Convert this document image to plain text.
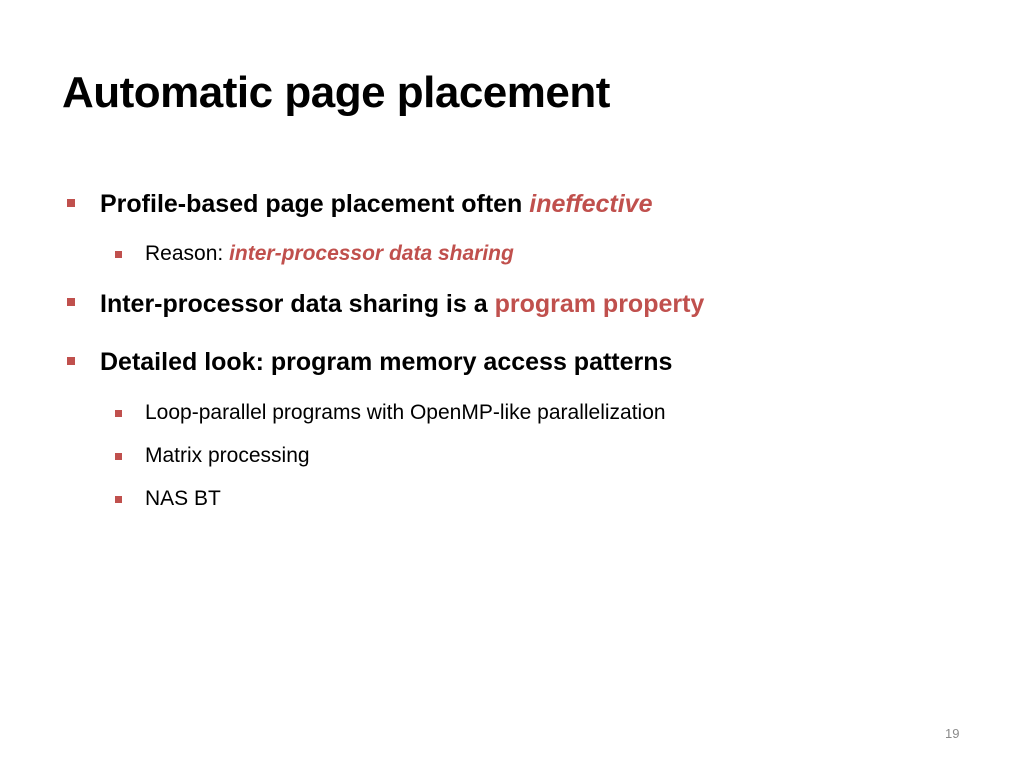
Automatic page placement
Profile-based page placement often ineffective
Reason: inter-processor data sharing
Inter-processor data sharing is a program property
Detailed look: program memory access patterns
Loop-parallel programs with OpenMP-like parallelization
Matrix processing
NAS BT
19
